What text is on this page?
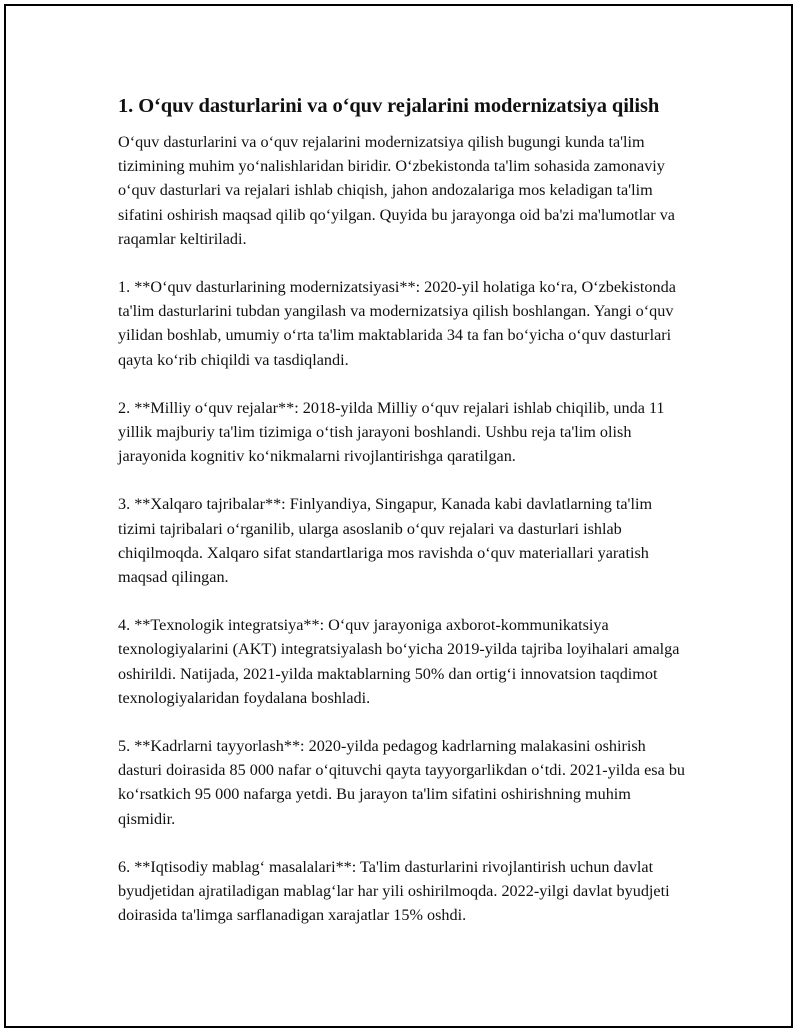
1. O‘quv dasturlarini va o‘quv rejalarini modernizatsiya qilish

O‘quv dasturlarini va o‘quv rejalarini modernizatsiya qilish bugungi kunda ta'lim tizimining muhim yo‘nalishlaridan biridir. O‘zbekistonda ta'lim sohasida zamonaviy o‘quv dasturlari va rejalari ishlab chiqish, jahon andozalariga mos keladigan ta'lim sifatini oshirish maqsad qilib qo‘yilgan. Quyida bu jarayonga oid ba'zi ma'lumotlar va raqamlar keltiriladi.

1. **O‘quv dasturlarining modernizatsiyasi**: 2020-yil holatiga ko‘ra, O‘zbekistonda ta'lim dasturlarini tubdan yangilash va modernizatsiya qilish boshlangan. Yangi o‘quv yilidan boshlab, umumiy o‘rta ta'lim maktablarida 34 ta fan bo‘yicha o‘quv dasturlari qayta ko‘rib chiqildi va tasdiqlandi.

2. **Milliy o‘quv rejalar**: 2018-yilda Milliy o‘quv rejalari ishlab chiqilib, unda 11 yillik majburiy ta'lim tizimiga o‘tish jarayoni boshlandi. Ushbu reja ta'lim olish jarayonida kognitiv ko‘nikmalarni rivojlantirishga qaratilgan.

3. **Xalqaro tajribalar**: Finlyandiya, Singapur, Kanada kabi davlatlarning ta'lim tizimi tajribalari o‘rganilib, ularga asoslanib o‘quv rejalari va dasturlari ishlab chiqilmoqda. Xalqaro sifat standartlariga mos ravishda o‘quv materiallari yaratish maqsad qilingan.

4. **Texnologik integratsiya**: O‘quv jarayoniga axborot-kommunikatsiya texnologiyalarini (AKT) integratsiyalash bo‘yicha 2019-yilda tajriba loyihalari amalga oshirildi. Natijada, 2021-yilda maktablarning 50% dan ortig‘i innovatsion taqdimot texnologiyalaridan foydalana boshladi.

5. **Kadrlarni tayyorlash**: 2020-yilda pedagog kadrlarning malakasini oshirish dasturi doirasida 85 000 nafar o‘qituvchi qayta tayyorgarlikdan o‘tdi. 2021-yilda esa bu ko‘rsatkich 95 000 nafarga yetdi. Bu jarayon ta'lim sifatini oshirishning muhim qismidir.

6. **Iqtisodiy mablag‘ masalalari**: Ta'lim dasturlarini rivojlantirish uchun davlat byudjetidan ajratiladigan mablag‘lar har yili oshirilmoqda. 2022-yilgi davlat byudjeti doirasida ta'limga sarflanadigan xarajatlar 15% oshdi.
